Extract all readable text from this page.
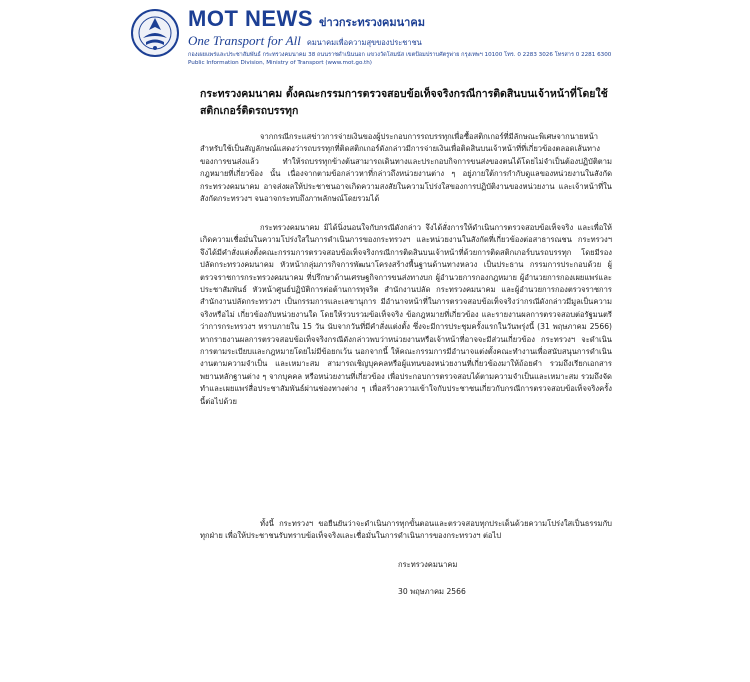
MOT NEWS ข่าวกระทรวงคมนาคม
One Transport for All คมนาคมเพื่อความสุขของประชาชน
กองเผยแพร่และประชาสัมพันธ์ กระทรวงคมนาคม 38 ถนนราชดำเนินนอก แขวงวัดโสมนัส เขตป้อมปราบศัตรูพ่าย กรุงเทพฯ 10100 โทร. 0 2283 3026 โทรสาร 0 2281 6300
Public Information Division, Ministry of Transport (www.mot.go.th)
กระทรวงคมนาคม ตั้งคณะกรรมการตรวจสอบข้อเท็จจริงกรณีการติดสินบนเจ้าหน้าที่โดยใช้สติกเกอร์ติดรถบรรทุก

จากกรณีกระแสข่าวการจ่ายเงินของผู้ประกอบการรถบรรทุกเพื่อซื้อสติกเกอร์ที่มีลักษณะพิเศษจากนายหน้า สำหรับใช้เป็นสัญลักษณ์แสดงว่ารถบรรทุกที่ติดสติกเกอร์ดังกล่าวมีการจ่ายเงินเพื่อติดสินบนเจ้าหน้าที่ที่เกี่ยวข้องตลอดเส้นทางของการขนส่งแล้ว ทำให้รถบรรทุกข้างต้นสามารถเดินทางและประกอบกิจการขนส่งของตนได้โดยไม่จำเป็นต้องปฏิบัติตามกฎหมายที่เกี่ยวข้อง นั้น เนื่องจากตามข้อกล่าวหาที่กล่าวถึงหน่วยงานต่าง ๆ อยู่ภายใต้การกำกับดูแลของหน่วยงานในสังกัดกระทรวงคมนาคม อาจส่งผลให้ประชาชนอาจเกิดความสงสัยในความโปร่งใสของการปฏิบัติงานของหน่วยงาน และเจ้าหน้าที่ในสังกัดกระทรวงฯ จนอาจกระทบถึงภาพลักษณ์โดยรวมได้

กระทรวงคมนาคม มิได้นิ่งนอนใจกับกรณีดังกล่าว จึงได้สั่งการให้ดำเนินการตรวจสอบข้อเท็จจริง และเพื่อให้เกิดความเชื่อมั่นในความโปร่งใสในการดำเนินการของกระทรวงฯ และหน่วยงานในสังกัดที่เกี่ยวข้องต่อสาธารณชน กระทรวงฯ จึงได้มีคำสั่งแต่งตั้งคณะกรรมการตรวจสอบข้อเท็จจริงกรณีการติดสินบนเจ้าหน้าที่ด้วยการติดสติกเกอร์บนรถบรรทุก โดยมีรองปลัดกระทรวงคมนาคม หัวหน้ากลุ่มภารกิจการพัฒนาโครงสร้างพื้นฐานด้านทางหลวง เป็นประธาน กรรมการประกอบด้วย ผู้ตรวจราชการกระทรวงคมนาคม ที่ปรึกษาด้านเศรษฐกิจการขนส่งทางบก ผู้อำนวยการกองกฎหมาย ผู้อำนวยการกองเผยแพร่และประชาสัมพันธ์ หัวหน้าศูนย์ปฏิบัติการต่อต้านการทุจริต สำนักงานปลัด กระทรวงคมนาคม และผู้อำนวยการกองตรวจราชการ สำนักงานปลัดกระทรวงฯ เป็นกรรมการและเลขานุการ มีอำนาจหน้าที่ในการตรวจสอบข้อเท็จจริงว่ากรณีดังกล่าวมีมูลเป็นความจริงหรือไม่ เกี่ยวข้องกับหน่วยงานใด โดยให้รวบรวมข้อเท็จจริง ข้อกฎหมายที่เกี่ยวข้อง และรายงานผลการตรวจสอบต่อรัฐมนตรีว่าการกระทรวงฯ ทราบภายใน 15 วัน นับจากวันที่มีคำสั่งแต่งตั้ง ซึ่งจะมีการประชุมครั้งแรกในวันพรุ่งนี้ (31 พฤษภาคม 2566) หากรายงานผลการตรวจสอบข้อเท็จจริงกรณีดังกล่าวพบว่าหน่วยงานหรือเจ้าหน้าที่อาจจะมีส่วนเกี่ยวข้อง กระทรวงฯ จะดำเนินการตามระเบียบและกฎหมายโดยไม่มีข้อยกเว้น นอกจากนี้ ให้คณะกรรมการมีอำนาจแต่งตั้งคณะทำงานเพื่อสนับสนุนการดำเนินงานตามความจำเป็น และเหมาะสม สามารถเชิญบุคคลหรือผู้แทนของหน่วยงานที่เกี่ยวข้องมาให้ถ้อยคำ รวมถึงเรียกเอกสาร พยานหลักฐานต่าง ๆ จากบุคคล หรือหน่วยงานที่เกี่ยวข้อง เพื่อประกอบการตรวจสอบได้ตามความจำเป็นและเหมาะสม รวมถึงจัดทำและเผยแพร่สื่อประชาสัมพันธ์ผ่านช่องทางต่าง ๆ เพื่อสร้างความเข้าใจกับประชาชนเกี่ยวกับกรณีการตรวจสอบข้อเท็จจริงครั้งนี้ต่อไปด้วย

ทั้งนี้ กระทรวงฯ ขอยืนยันว่าจะดำเนินการทุกขั้นตอนและตรวจสอบทุกประเด็นด้วยความโปร่งใสเป็นธรรมกับทุกฝ่าย เพื่อให้ประชาชนรับทราบข้อเท็จจริงและเชื่อมั่นในการดำเนินการของกระทรวงฯ ต่อไป

กระทรวงคมนาคม
30 พฤษภาคม 2566
